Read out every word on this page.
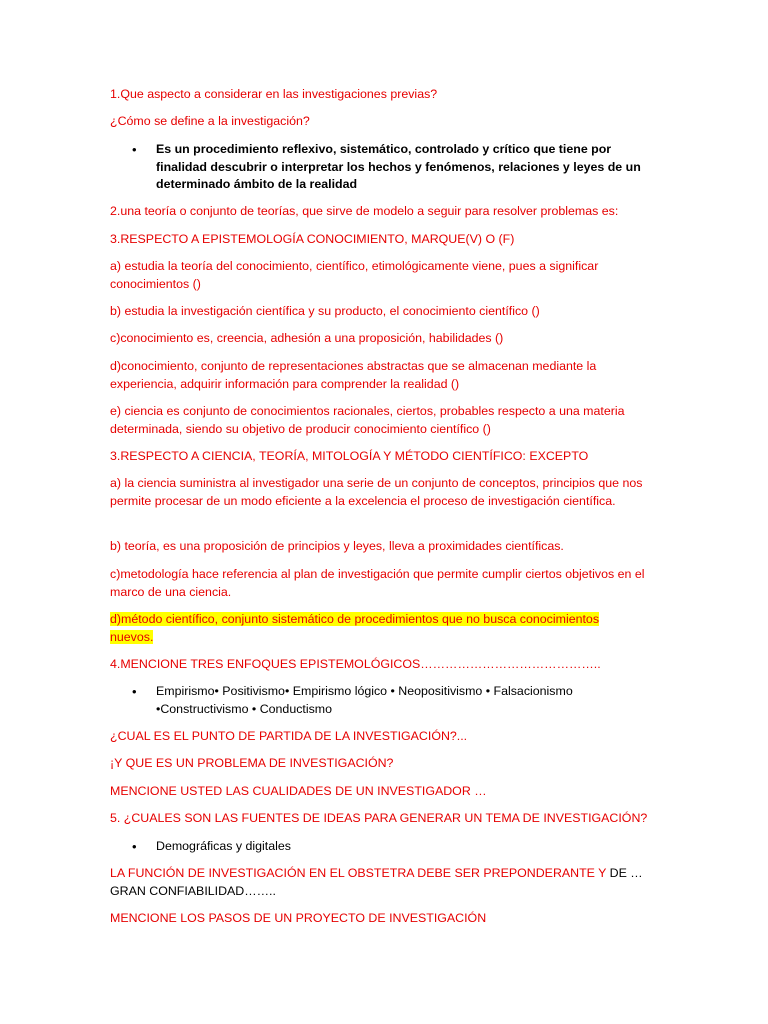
1.Que aspecto a considerar en las investigaciones previas?

¿Cómo se define a la investigación?

•	Es un procedimiento reflexivo, sistemático, controlado y crítico que tiene por finalidad descubrir o interpretar los hechos y fenómenos, relaciones y leyes de un determinado ámbito de la realidad

2.una teoría o conjunto de teorías, que sirve de modelo a seguir para resolver problemas es:

3.RESPECTO A EPISTEMOLOGÍA CONOCIMIENTO, MARQUE(V) O (F)

a) estudia la teoría del conocimiento, científico, etimológicamente viene, pues a significar conocimientos ()

b) estudia la investigación científica y su producto, el conocimiento científico ()

c)conocimiento es, creencia, adhesión a una proposición, habilidades ()

d)conocimiento, conjunto de representaciones abstractas que se almacenan mediante la experiencia, adquirir información para comprender la realidad ()

e) ciencia es conjunto de conocimientos racionales, ciertos, probables respecto a una materia determinada, siendo su objetivo de producir conocimiento científico ()

3.RESPECTO A CIENCIA, TEORÍA, MITOLOGÍA Y MÉTODO CIENTÍFICO: EXCEPTO

a) la ciencia suministra al investigador una serie de un conjunto de conceptos, principios que nos permite procesar de un modo eficiente a la excelencia el proceso de investigación científica.

b) teoría, es una proposición de principios y leyes, lleva a proximidades científicas.

c)metodología hace referencia al plan de investigación que permite cumplir ciertos objetivos en el marco de una ciencia.

d)método científico, conjunto sistemático de procedimientos que no busca conocimientos
nuevos.

4.MENCIONE TRES ENFOQUES EPISTEMOLÓGICOS……………………………………..

•	Empirismo• Positivismo• Empirismo lógico • Neopositivismo • Falsacionismo
•Constructivismo • Conductismo

¿CUAL ES EL PUNTO DE PARTIDA DE LA INVESTIGACIÓN?...

¡Y QUE ES UN PROBLEMA DE INVESTIGACIÓN?

MENCIONE USTED LAS CUALIDADES DE UN INVESTIGADOR …

5. ¿CUALES SON LAS FUENTES DE IDEAS PARA GENERAR UN TEMA DE INVESTIGACIÓN?

•	Demográficas y digitales

LA FUNCIÓN DE INVESTIGACIÓN EN EL OBSTETRA DEBE SER PREPONDERANTE Y DE …GRAN CONFIABILIDAD……..

MENCIONE LOS PASOS DE UN PROYECTO DE INVESTIGACIÓN
